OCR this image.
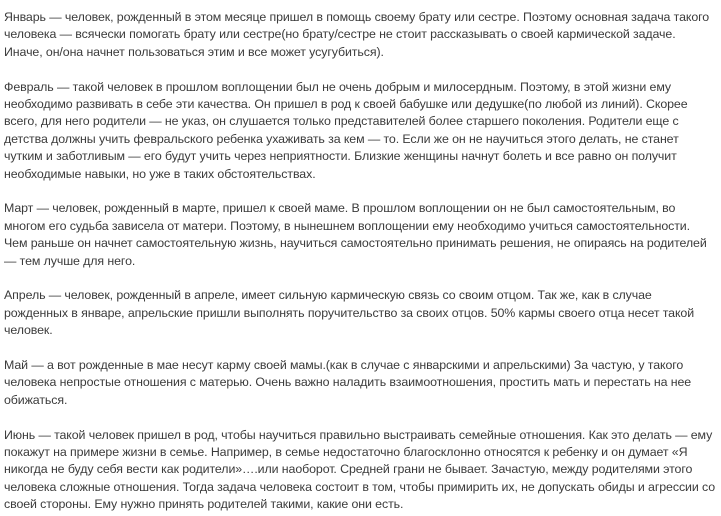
Январь — человек, рожденный в этом месяце пришел в помощь своему брату или сестре. Поэтому основная задача такого человека — всячески помогать брату или сестре(но брату/сестре не стоит рассказывать о своей кармической задаче. Иначе, он/она начнет пользоваться этим и все может усугубиться).

Февраль — такой человек в прошлом воплощении был не очень добрым и милосердным. Поэтому, в этой жизни ему необходимо развивать в себе эти качества. Он пришел в род к своей бабушке или дедушке(по любой из линий). Скорее всего, для него родители — не указ, он слушается только представителей более старшего поколения. Родители еще с детства должны учить февральского ребенка ухаживать за кем — то. Если же он не научиться этого делать, не станет чутким и заботливым — его будут учить через неприятности. Близкие женщины начнут болеть и все равно он получит необходимые навыки, но уже в таких обстоятельствах.

Март — человек, рожденный в марте, пришел к своей маме. В прошлом воплощении он не был самостоятельным, во многом его судьба зависела от матери. Поэтому, в нынешнем воплощении ему необходимо учиться самостоятельности. Чем раньше он начнет самостоятельную жизнь, научиться самостоятельно принимать решения, не опираясь на родителей — тем лучше для него.

Апрель — человек, рожденный в апреле, имеет сильную кармическую связь со своим отцом. Так же, как в случае рожденных в январе, апрельские пришли выполнять поручительство за своих отцов. 50% кармы своего отца несет такой человек.

Май — а вот рожденные в мае несут карму своей мамы.(как в случае с январскими и апрельскими) За частую, у такого человека непростые отношения с матерью. Очень важно наладить взаимоотношения, простить мать и перестать на нее обижаться.

Июнь — такой человек пришел в род, чтобы научиться правильно выстраивать семейные отношения. Как это делать — ему покажут на примере жизни в семье. Например, в семье недостаточно благосклонно относятся к ребенку и он думает «Я никогда не буду себя вести как родители»….или наоборот. Средней грани не бывает. Зачастую, между родителями этого человека сложные отношения. Тогда задача человека состоит в том, чтобы примирить их, не допускать обиды и агрессии со своей стороны. Ему нужно принять родителей такими, какие они есть.
